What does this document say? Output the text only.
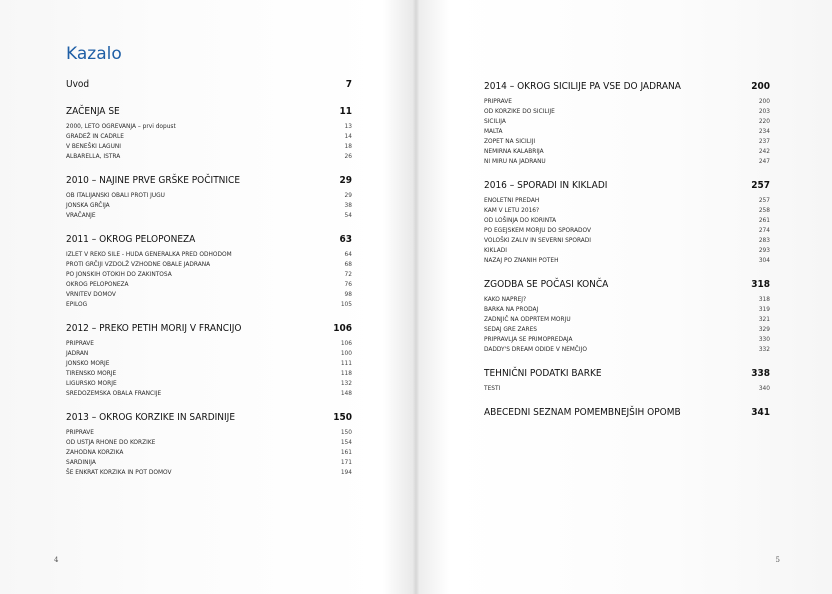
Kazalo
Uvod	7
ZAČENJA SE	11
2000, LETO OGREVANJA – prvi dopust	13
GRADEŽ IN CADRLE	14
V BENEŠKI LAGUNI	18
ALBARELLA, ISTRA	26
2010 – NAJINE PRVE GRŠKE POČITNICE	29
OB ITALIJANSKI OBALI PROTI JUGU	29
JONSKA GRČIJA	38
VRAČANJE	54
2011 – OKROG PELOPONEZA	63
IZLET V REKO SILE - HUDA GENERALKA PRED ODHODOM	64
PROTI GRČIJI VZDOLŽ VZHODNE OBALE JADRANA	68
PO JONSKIH OTOKIH DO ZAKINTOSA	72
OKROG PELOPONEZA	76
VRNITEV DOMOV	98
EPILOG	105
2012 – PREKO PETIH MORIJ V FRANCIJO	106
PRIPRAVE	106
JADRAN	100
JONSKO MORJE	111
TIRENSKO MORJE	118
LIGURSKO MORJE	132
SREDOZEMSKA OBALA FRANCIJE	148
2013 – OKROG KORZIKE IN SARDINIJE	150
PRIPRAVE	150
OD USTJA RHONE DO KORZIKE	154
ZAHODNA KORZIKA	161
SARDINIJA	171
ŠE ENKRAT KORZIKA IN POT DOMOV	194
4
2014 – OKROG SICILIJE PA VSE DO JADRANA	200
PRIPRAVE	200
OD KORZIKE DO SICILIJE	203
SICILIJA	220
MALTA	234
ZOPET NA SICILIJI	237
NEMIRNA KALABRIJA	242
NI MIRU NA JADRANU	247
2016 – SPORADI IN KIKLADI	257
ENOLETNI PREDAH	257
KAM V LETU 2016?	258
OD LOŠINJA DO KORINTA	261
PO EGEJSKEM MORJU DO SPORADOV	274
VOLOŠKI ZALIV IN SEVERNI SPORADI	283
KIKLADI	293
NAZAJ PO ZNANIH POTEH	304
ZGODBA SE POČASI KONČA	318
KAKO NAPREJ?	318
BARKA NA PRODAJ	319
ZADNJIČ NA ODPRTEM MORJU	321
SEDAJ GRE ZARES	329
PRIPRAVLJA SE PRIMOPREDAJA	330
DADDY'S DREAM ODIDE V NEMČIJO	332
TEHNIČNI PODATKI BARKE	338
TESTI	340
ABECEDNI SEZNAM POMEMBNEJŠIH OPOMB	341
5
